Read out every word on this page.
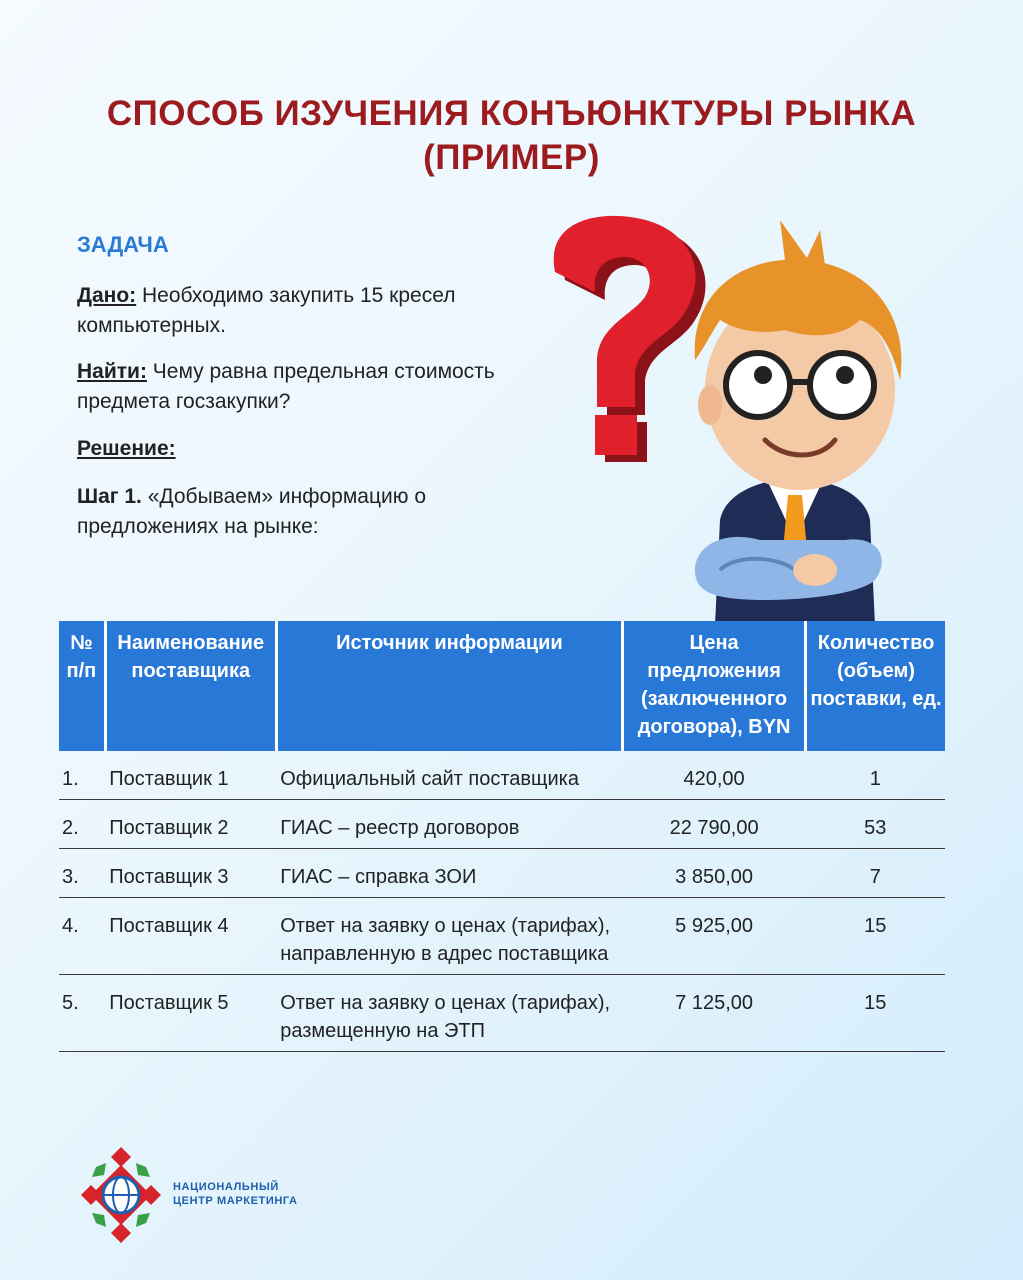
СПОСОБ ИЗУЧЕНИЯ КОНЪЮНКТУРЫ РЫНКА
(ПРИМЕР)
ЗАДАЧА
Дано: Необходимо закупить 15 кресел компьютерных.
Найти: Чему равна предельная стоимость предмета госзакупки?
Решение:
Шаг 1. «Добываем» информацию о предложениях на рынке:
№ п/п	Наименование поставщика	Источник информации	Цена предложения (заключенного договора), BYN	Количество (объем) поставки, ед.
1.	Поставщик 1	Официальный сайт поставщика	420,00	1
2.	Поставщик 2	ГИАС – реестр договоров	22 790,00	53
3.	Поставщик 3	ГИАС – справка ЗОИ	3 850,00	7
4.	Поставщик 4	Ответ на заявку о ценах (тарифах), направленную в адрес поставщика	5 925,00	15
5.	Поставщик 5	Ответ на заявку о ценах (тарифах), размещенную на ЭТП	7 125,00	15
НАЦИОНАЛЬНЫЙ
ЦЕНТР МАРКЕТИНГА
